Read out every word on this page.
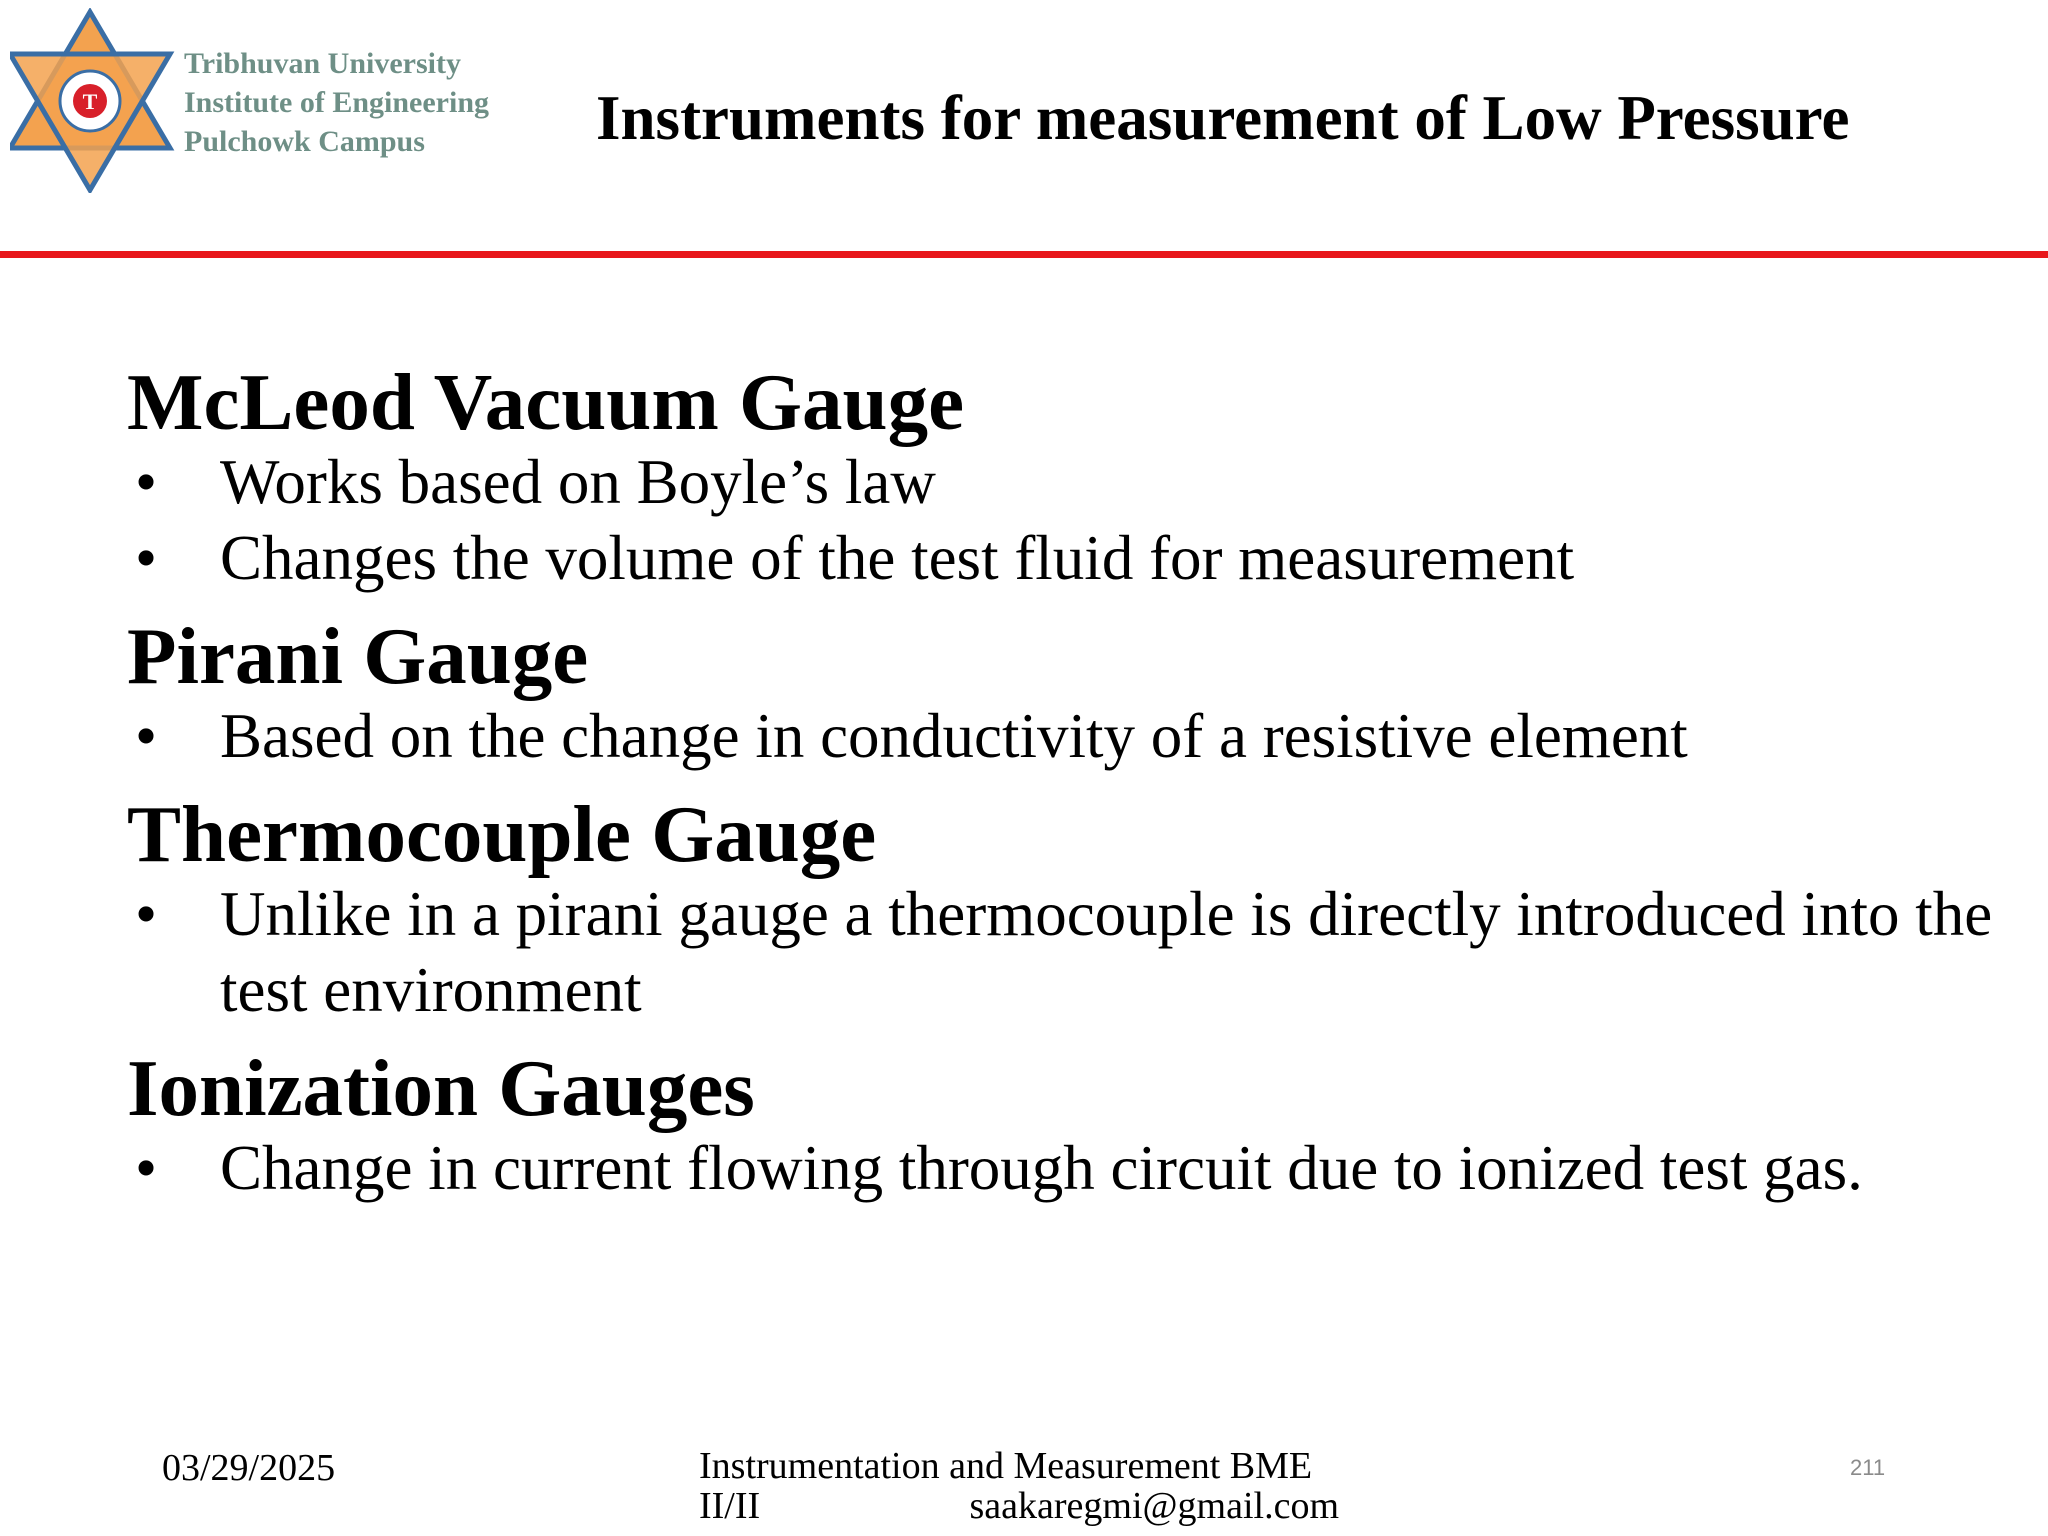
T
Tribhuvan University
Institute of Engineering
Pulchowk Campus	Instruments for measurement of Low Pressure
McLeod Vacuum Gauge
• Works based on Boyle’s law
• Changes the volume of the test fluid for measurement
Pirani Gauge
• Based on the change in conductivity of a resistive element
Thermocouple Gauge
• Unlike in a pirani gauge a thermocouple is directly introduced into the test environment
Ionization Gauges
• Change in current flowing through circuit due to ionized test gas.
03/29/2025	Instrumentation and Measurement BME
II/II	saakaregmi@gmail.com
211
